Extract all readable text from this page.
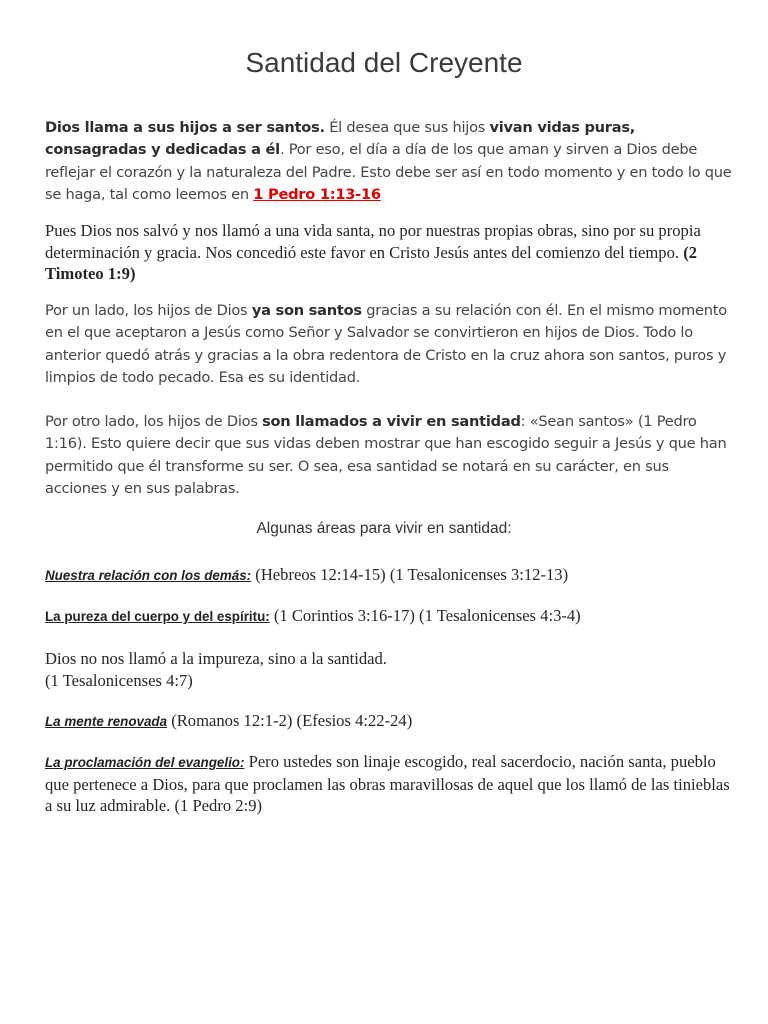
Santidad del Creyente

Dios llama a sus hijos a ser santos. Él desea que sus hijos vivan vidas puras, consagradas y dedicadas a él. Por eso, el día a día de los que aman y sirven a Dios debe reflejar el corazón y la naturaleza del Padre. Esto debe ser así en todo momento y en todo lo que se haga, tal como leemos en 1 Pedro 1:13-16

Pues Dios nos salvó y nos llamó a una vida santa, no por nuestras propias obras, sino por su propia determinación y gracia. Nos concedió este favor en Cristo Jesús antes del comienzo del tiempo. (2 Timoteo 1:9)

Por un lado, los hijos de Dios ya son santos gracias a su relación con él. En el mismo momento en el que aceptaron a Jesús como Señor y Salvador se convirtieron en hijos de Dios. Todo lo anterior quedó atrás y gracias a la obra redentora de Cristo en la cruz ahora son santos, puros y limpios de todo pecado. Esa es su identidad.

Por otro lado, los hijos de Dios son llamados a vivir en santidad: «Sean santos» (1 Pedro 1:16). Esto quiere decir que sus vidas deben mostrar que han escogido seguir a Jesús y que han permitido que él transforme su ser. O sea, esa santidad se notará en su carácter, en sus acciones y en sus palabras.

Algunas áreas para vivir en santidad:

Nuestra relación con los demás: (Hebreos 12:14-15) (1 Tesalonicenses 3:12-13)

La pureza del cuerpo y del espíritu: (1 Corintios 3:16-17) (1 Tesalonicenses 4:3-4)

Dios no nos llamó a la impureza, sino a la santidad.
(1 Tesalonicenses 4:7)

La mente renovada (Romanos 12:1-2) (Efesios 4:22-24)

La proclamación del evangelio: Pero ustedes son linaje escogido, real sacerdocio, nación santa, pueblo que pertenece a Dios, para que proclamen las obras maravillosas de aquel que los llamó de las tinieblas a su luz admirable. (1 Pedro 2:9)
